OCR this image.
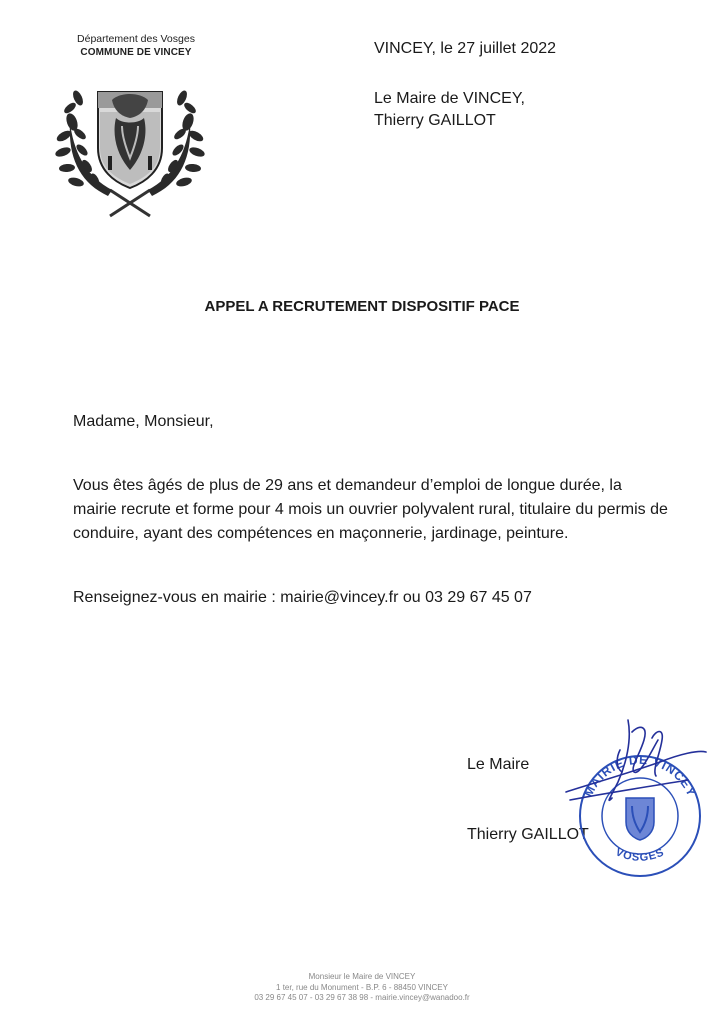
Département des Vosges
COMMUNE DE VINCEY	VINCEY, le 27 juillet 2022
Le Maire de VINCEY,
Thierry GAILLOT
APPEL A RECRUTEMENT DISPOSITIF PACE
Madame, Monsieur,
Vous êtes âgés de plus de 29 ans et demandeur d’emploi de longue durée, la mairie recrute et forme pour 4 mois un ouvrier polyvalent rural, titulaire du permis de conduire, ayant des compétences en maçonnerie, jardinage, peinture.
Renseignez-vous en mairie : mairie@vincey.fr ou 03 29 67 45 07
Le Maire
Thierry GAILLOT
MAIRIE DE VINCEY
VOSGES
Monsieur le Maire de VINCEY
1 ter, rue du Monument - B.P. 6 - 88450 VINCEY
03 29 67 45 07 - 03 29 67 38 98 - mairie.vincey@wanadoo.fr
